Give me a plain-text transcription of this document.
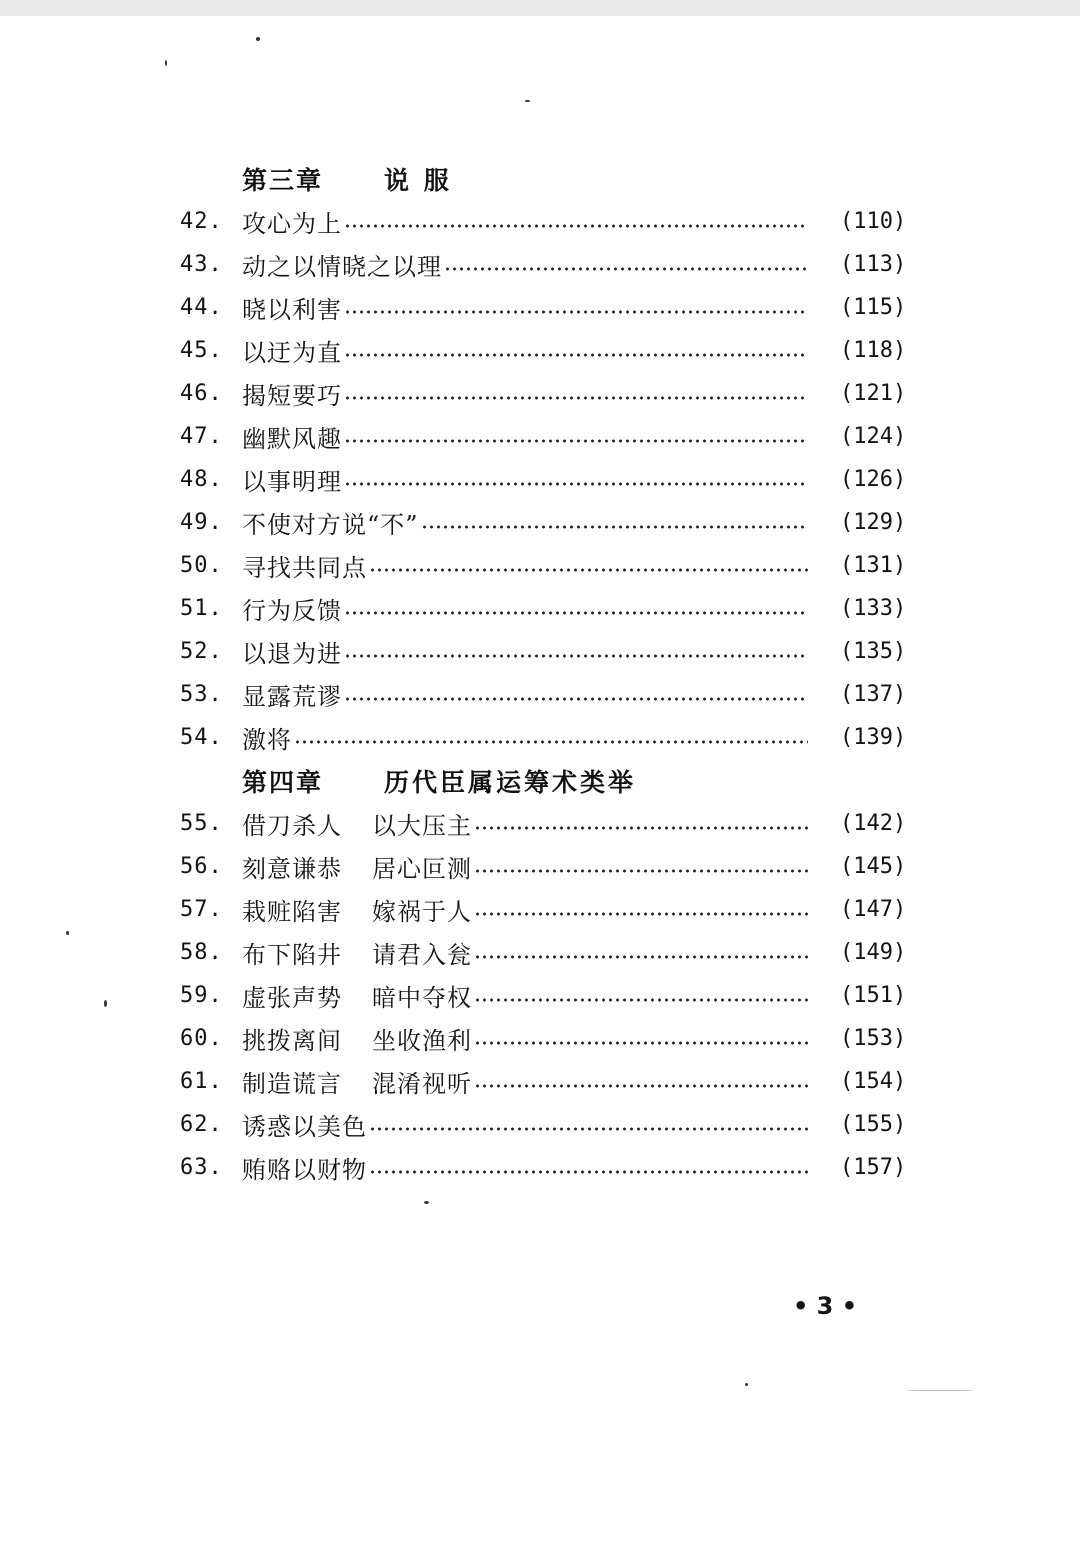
第三章	说 服
42. 攻心为上	(110)
43. 动之以情晓之以理	(113)
44. 晓以利害	(115)
45. 以迂为直	(118)
46. 揭短要巧	(121)
47. 幽默风趣	(124)
48. 以事明理	(126)
49. 不使对方说“不”	(129)
50. 寻找共同点	(131)
51. 行为反馈	(133)
52. 以退为进	(135)
53. 显露荒谬	(137)
54. 激将	(139)
第四章	历代臣属运筹术类举
55. 借刀杀人 以大压主	(142)
56. 刻意谦恭 居心叵测	(145)
57. 栽赃陷害 嫁祸于人	(147)
58. 布下陷井 请君入瓮	(149)
59. 虚张声势 暗中夺权	(151)
60. 挑拨离间 坐收渔利	(153)
61. 制造谎言 混淆视听	(154)
62. 诱惑以美色	(155)
63. 贿赂以财物	(157)
• 3 •
